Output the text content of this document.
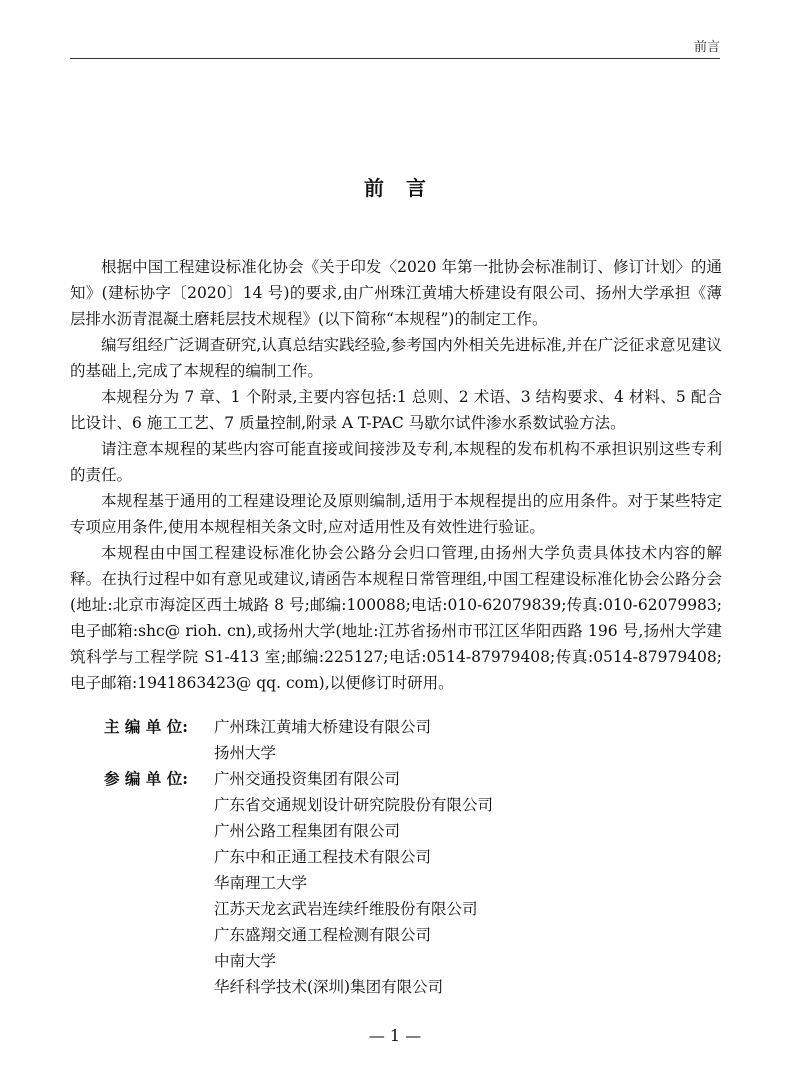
前言
前言

根据中国工程建设标准化协会《关于印发〈2020 年第一批协会标准制订、修订计划〉的通知》(建标协字〔2020〕14 号)的要求,由广州珠江黄埔大桥建设有限公司、扬州大学承担《薄层排水沥青混凝土磨耗层技术规程》(以下简称“本规程”)的制定工作。

编写组经广泛调查研究,认真总结实践经验,参考国内外相关先进标准,并在广泛征求意见建议的基础上,完成了本规程的编制工作。

本规程分为 7 章、1 个附录,主要内容包括:1 总则、2 术语、3 结构要求、4 材料、5 配合比设计、6 施工工艺、7 质量控制,附录 A T-PAC 马歇尔试件渗水系数试验方法。

请注意本规程的某些内容可能直接或间接涉及专利,本规程的发布机构不承担识别这些专利的责任。

本规程基于通用的工程建设理论及原则编制,适用于本规程提出的应用条件。对于某些特定专项应用条件,使用本规程相关条文时,应对适用性及有效性进行验证。

本规程由中国工程建设标准化协会公路分会归口管理,由扬州大学负责具体技术内容的解释。在执行过程中如有意见或建议,请函告本规程日常管理组,中国工程建设标准化协会公路分会(地址:北京市海淀区西土城路 8 号;邮编:100088;电话:010-62079839;传真:010-62079983;电子邮箱:shc@ rioh. cn),或扬州大学(地址:江苏省扬州市邗江区华阳西路 196 号,扬州大学建筑科学与工程学院 S1-413 室;邮编:225127;电话:0514-87979408;传真:0514-87979408;电子邮箱:1941863423@ qq. com),以便修订时研用。

主 编 单 位:	广州珠江黄埔大桥建设有限公司
扬州大学
参 编 单 位:	广州交通投资集团有限公司
广东省交通规划设计研究院股份有限公司
广州公路工程集团有限公司
广东中和正通工程技术有限公司
华南理工大学
江苏天龙玄武岩连续纤维股份有限公司
广东盛翔交通工程检测有限公司
中南大学
华纤科学技术(深圳)集团有限公司
— 1 —
